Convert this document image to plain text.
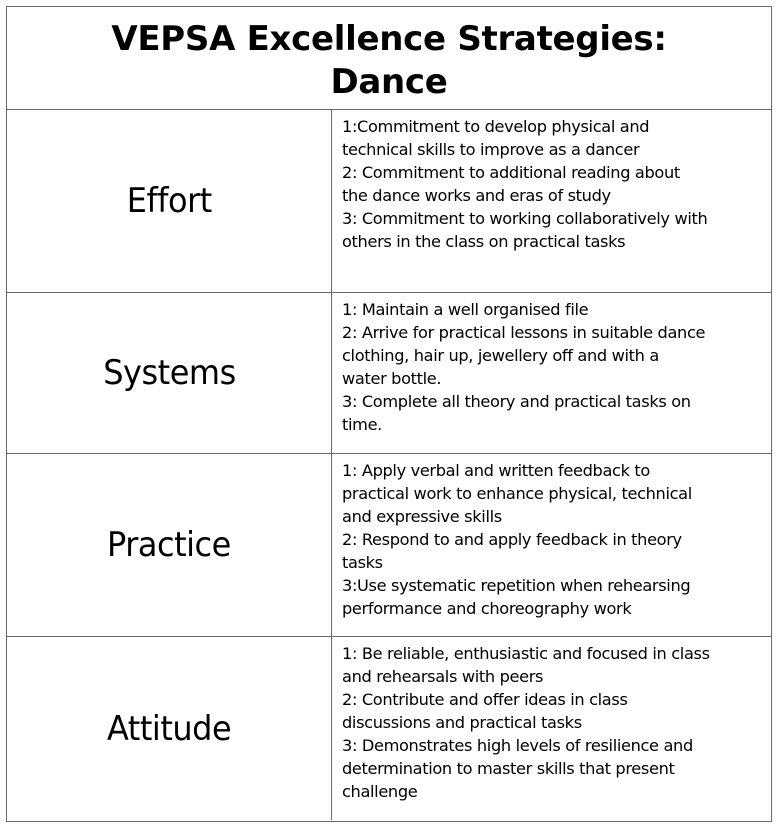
VEPSA Excellence Strategies:
Dance
Effort
1:Commitment to develop physical and
technical skills to improve as a dancer
2: Commitment to additional reading about
the dance works and eras of study
3: Commitment to working collaboratively with
others in the class on practical tasks
Systems
1: Maintain a well organised file
2: Arrive for practical lessons in suitable dance
clothing, hair up, jewellery off and with a
water bottle.
3: Complete all theory and practical tasks on
time.
Practice
1: Apply verbal and written feedback to
practical work to enhance physical, technical
and expressive skills
2: Respond to and apply feedback in theory
tasks
3:Use systematic repetition when rehearsing
performance and choreography work
Attitude
1: Be reliable, enthusiastic and focused in class
and rehearsals with peers
2: Contribute and offer ideas in class
discussions and practical tasks
3: Demonstrates high levels of resilience and
determination to master skills that present
challenge
